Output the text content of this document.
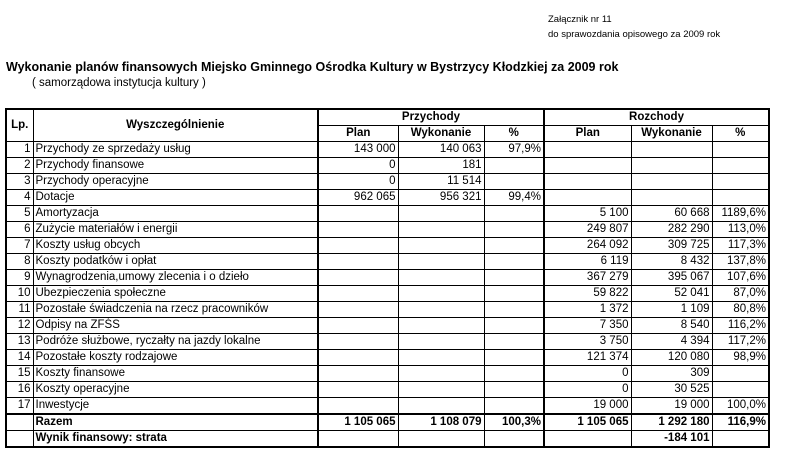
Załącznik nr 11
do sprawozdania opisowego za 2009 rok
Wykonanie planów finansowych Miejsko Gminnego Ośrodka Kultury w Bystrzycy Kłodzkiej za 2009 rok
( samorządowa instytucja kultury )
Lp.	Wyszczególnienie	Przychody			Rozchody		
		Plan	Wykonanie	%	Plan	Wykonanie	%
1	Przychody ze sprzedaży usług	143 000	140 063	97,9%			
2	Przychody finansowe	0	181				
3	Przychody operacyjne	0	11 514				
4	Dotacje	962 065	956 321	99,4%			
5	Amortyzacja				5 100	60 668	1189,6%
6	Zużycie materiałów i energii				249 807	282 290	113,0%
7	Koszty usług obcych				264 092	309 725	117,3%
8	Koszty podatków i opłat				6 119	8 432	137,8%
9	Wynagrodzenia,umowy zlecenia i o dzieło				367 279	395 067	107,6%
10	Ubezpieczenia społeczne				59 822	52 041	87,0%
11	Pozostałe świadczenia na rzecz pracowników				1 372	1 109	80,8%
12	Odpisy na ZFŚS				7 350	8 540	116,2%
13	Podróże służbowe, ryczałty na jazdy lokalne				3 750	4 394	117,2%
14	Pozostałe koszty rodzajowe				121 374	120 080	98,9%
15	Koszty finansowe				0	309	
16	Koszty operacyjne				0	30 525	
17	Inwestycje				19 000	19 000	100,0%
	Razem	1 105 065	1 108 079	100,3%	1 105 065	1 292 180	116,9%
	Wynik finansowy: strata					-184 101	
